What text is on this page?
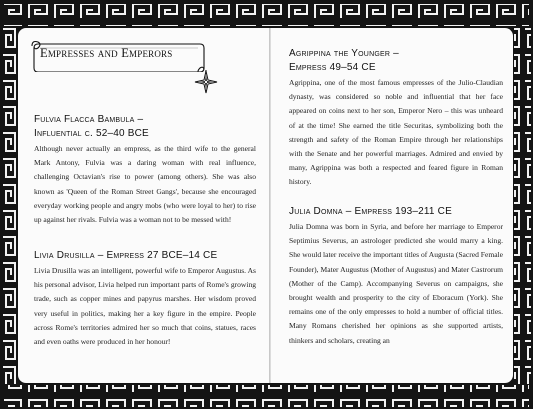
Empresses and Emperors
Fulvia Flacca Bambula –
Influential c. 52–40 BCE
Although never actually an empress, as the third wife to the general Mark Antony, Fulvia was a daring woman with real influence, challenging Octavian's rise to power (among others). She was also known as 'Queen of the Roman Street Gangs', because she encouraged everyday working people and angry mobs (who were loyal to her) to rise up against her rivals. Fulvia was a woman not to be messed with!
Livia Drusilla – Empress 27 BCE–14 CE
Livia Drusilla was an intelligent, powerful wife to Emperor Augustus. As his personal advisor, Livia helped run important parts of Rome's growing trade, such as copper mines and papyrus marshes. Her wisdom proved very useful in politics, making her a key figure in the empire. People across Rome's territories admired her so much that coins, statues, races and even oaths were produced in her honour!
Agrippina the Younger –
Empress 49–54 CE
Agrippina, one of the most famous empresses of the Julio-Claudian dynasty, was considered so noble and influential that her face appeared on coins next to her son, Emperor Nero – this was unheard of at the time! She earned the title Securitas, symbolizing both the strength and safety of the Roman Empire through her relationships with the Senate and her powerful marriages. Admired and envied by many, Agrippina was both a respected and feared figure in Roman history.
Julia Domna – Empress 193–211 CE
Julia Domna was born in Syria, and before her marriage to Emperor Septimius Severus, an astrologer predicted she would marry a king. She would later receive the important titles of Augusta (Sacred Female Founder), Mater Augustus (Mother of Augustus) and Mater Castrorum (Mother of the Camp). Accompanying Severus on campaigns, she brought wealth and prosperity to the city of Eboracum (York). She remains one of the only empresses to hold a number of official titles. Many Romans cherished her opinions as she supported artists, thinkers and scholars, creating an
